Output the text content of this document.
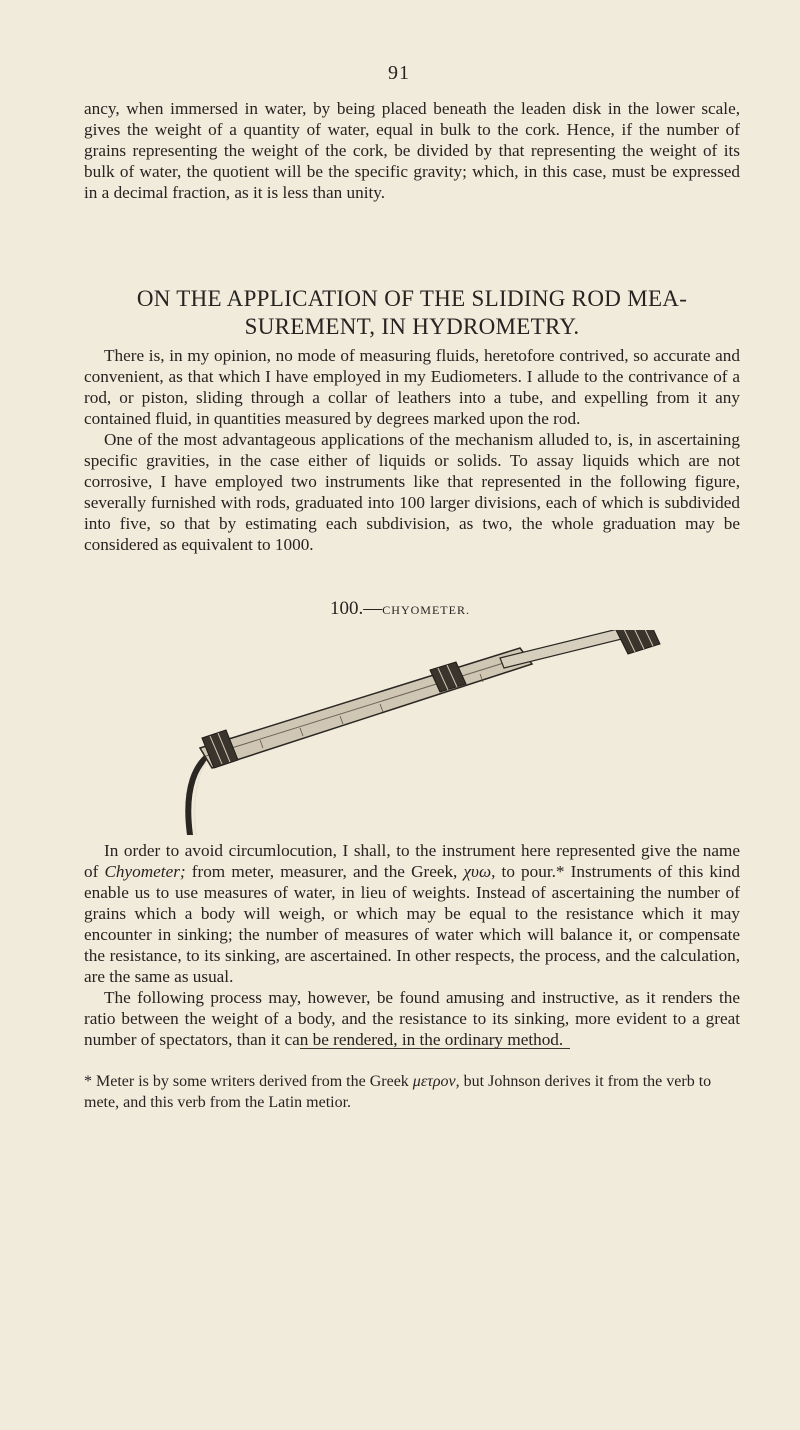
91

ancy, when immersed in water, by being placed beneath the leaden disk in the lower scale, gives the weight of a quantity of water, equal in bulk to the cork. Hence, if the number of grains representing the weight of the cork, be divided by that representing the weight of its bulk of water, the quotient will be the specific gravity; which, in this case, must be expressed in a decimal fraction, as it is less than unity.

ON THE APPLICATION OF THE SLIDING ROD MEA-
SUREMENT, IN HYDROMETRY.

There is, in my opinion, no mode of measuring fluids, heretofore contrived, so accurate and convenient, as that which I have employed in my Eudiometers. I allude to the contrivance of a rod, or piston, sliding through a collar of leathers into a tube, and expelling from it any contained fluid, in quantities measured by degrees marked upon the rod.

One of the most advantageous applications of the mechanism alluded to, is, in ascertaining specific gravities, in the case either of liquids or solids. To assay liquids which are not corrosive, I have employed two instruments like that represented in the following figure, severally furnished with rods, graduated into 100 larger divisions, each of which is subdivided into five, so that by estimating each subdivision, as two, the whole graduation may be considered as equivalent to 1000.

100.—CHYOMETER.

In order to avoid circumlocution, I shall, to the instrument here represented give the name of Chyometer; from meter, measurer, and the Greek, χυω, to pour.* Instruments of this kind enable us to use measures of water, in lieu of weights. Instead of ascertaining the number of grains which a body will weigh, or which may be equal to the resistance which it may encounter in sinking; the number of measures of water which will balance it, or compensate the resistance, to its sinking, are ascertained. In other respects, the process, and the calculation, are the same as usual.

The following process may, however, be found amusing and instructive, as it renders the ratio between the weight of a body, and the resistance to its sinking, more evident to a great number of spectators, than it can be rendered, in the ordinary method.

* Meter is by some writers derived from the Greek μετρον, but Johnson derives it from the verb to mete, and this verb from the Latin metior.
